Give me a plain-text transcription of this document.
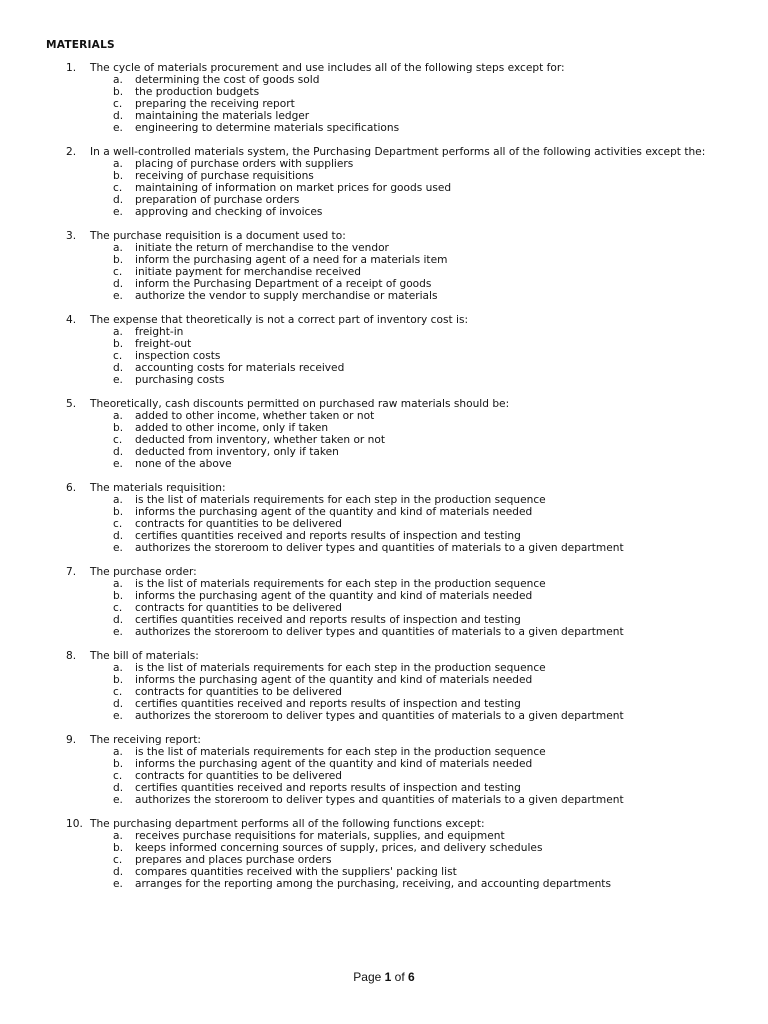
MATERIALS
1.	The cycle of materials procurement and use includes all of the following steps except for:
a.	determining the cost of goods sold
b.	the production budgets
c.	preparing the receiving report
d.	maintaining the materials ledger
e.	engineering to determine materials specifications
2.	In a well-controlled materials system, the Purchasing Department performs all of the following activities except the:
a.	placing of purchase orders with suppliers
b.	receiving of purchase requisitions
c.	maintaining of information on market prices for goods used
d.	preparation of purchase orders
e.	approving and checking of invoices
3.	The purchase requisition is a document used to:
a.	initiate the return of merchandise to the vendor
b.	inform the purchasing agent of a need for a materials item
c.	initiate payment for merchandise received
d.	inform the Purchasing Department of a receipt of goods
e.	authorize the vendor to supply merchandise or materials
4.	The expense that theoretically is not a correct part of inventory cost is:
a.	freight-in
b.	freight-out
c.	inspection costs
d.	accounting costs for materials received
e.	purchasing costs
5.	Theoretically, cash discounts permitted on purchased raw materials should be:
a.	added to other income, whether taken or not
b.	added to other income, only if taken
c.	deducted from inventory, whether taken or not
d.	deducted from inventory, only if taken
e.	none of the above
6.	The materials requisition:
a.	is the list of materials requirements for each step in the production sequence
b.	informs the purchasing agent of the quantity and kind of materials needed
c.	contracts for quantities to be delivered
d.	certifies quantities received and reports results of inspection and testing
e.	authorizes the storeroom to deliver types and quantities of materials to a given department
7.	The purchase order:
a.	is the list of materials requirements for each step in the production sequence
b.	informs the purchasing agent of the quantity and kind of materials needed
c.	contracts for quantities to be delivered
d.	certifies quantities received and reports results of inspection and testing
e.	authorizes the storeroom to deliver types and quantities of materials to a given department
8.	The bill of materials:
a.	is the list of materials requirements for each step in the production sequence
b.	informs the purchasing agent of the quantity and kind of materials needed
c.	contracts for quantities to be delivered
d.	certifies quantities received and reports results of inspection and testing
e.	authorizes the storeroom to deliver types and quantities of materials to a given department
9.	The receiving report:
a.	is the list of materials requirements for each step in the production sequence
b.	informs the purchasing agent of the quantity and kind of materials needed
c.	contracts for quantities to be delivered
d.	certifies quantities received and reports results of inspection and testing
e.	authorizes the storeroom to deliver types and quantities of materials to a given department
10. The purchasing department performs all of the following functions except:
a.	receives purchase requisitions for materials, supplies, and equipment
b.	keeps informed concerning sources of supply, prices, and delivery schedules
c.	prepares and places purchase orders
d.	compares quantities received with the suppliers' packing list
e.	arranges for the reporting among the purchasing, receiving, and accounting departments
Page 1 of 6
